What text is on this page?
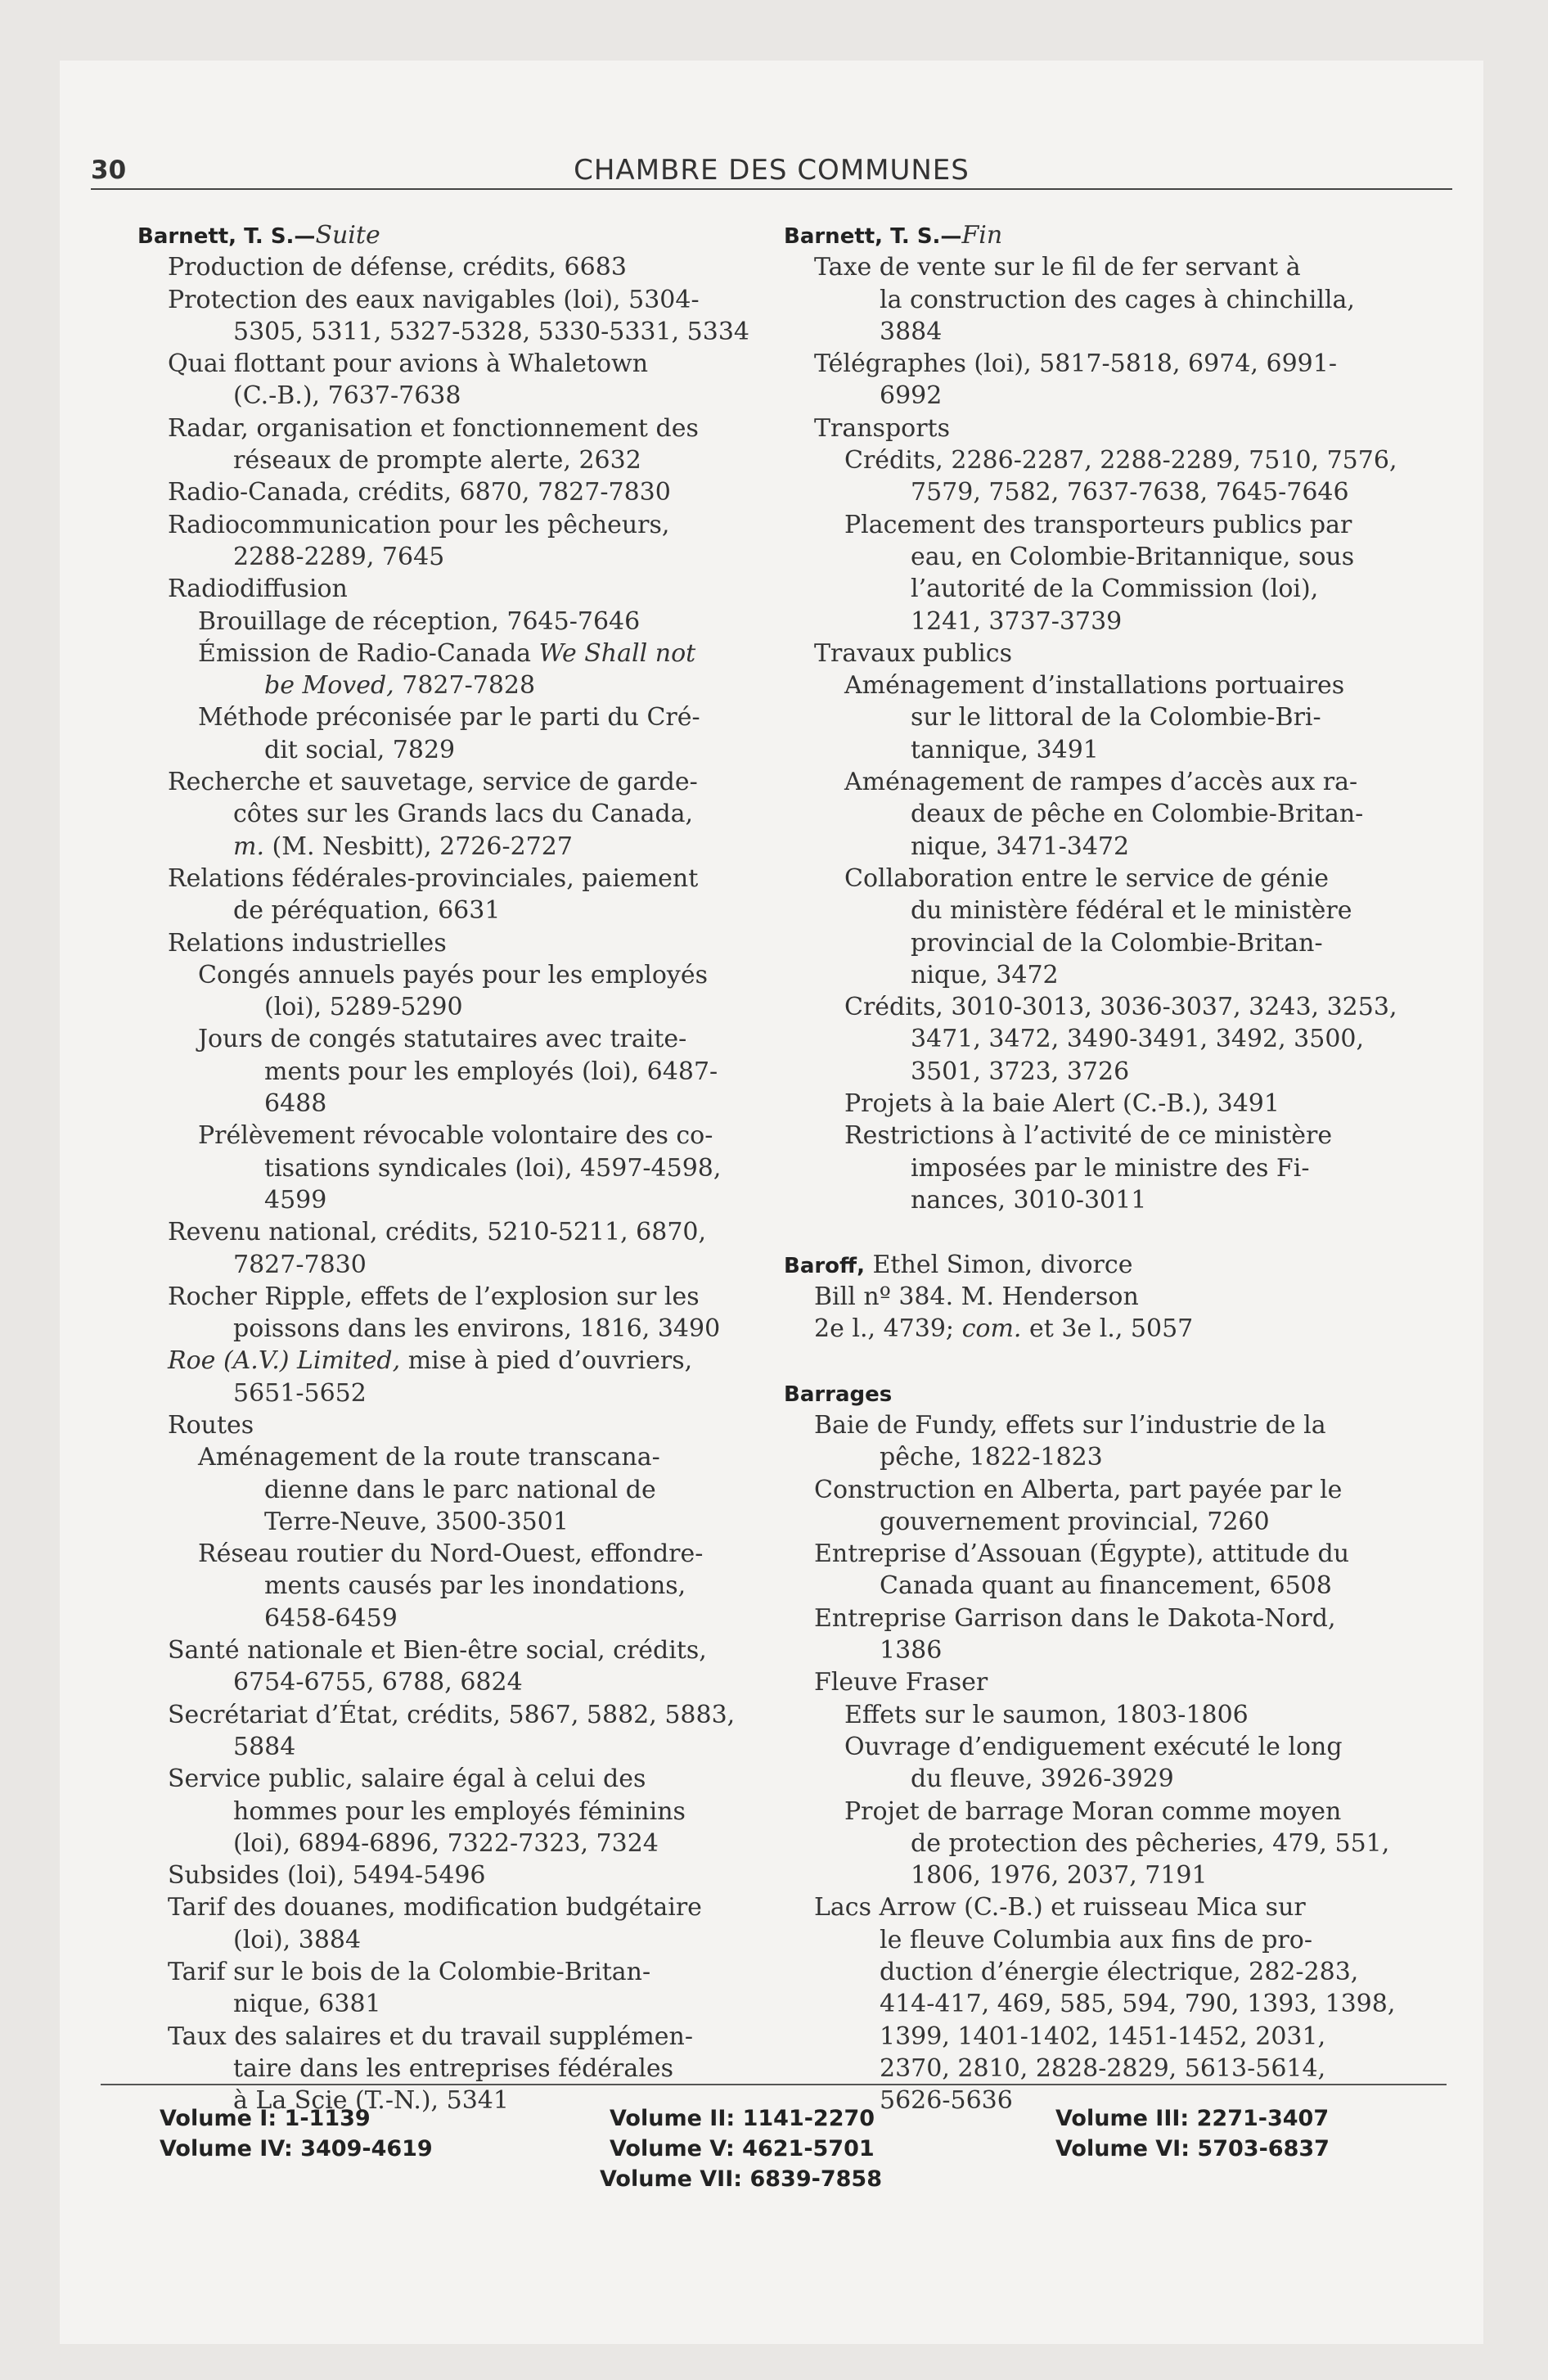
30	CHAMBRE DES COMMUNES
Barnett, T. S.—Suite
Production de défense, crédits, 6683
Protection des eaux navigables (loi), 5304-
5305, 5311, 5327-5328, 5330-5331, 5334
Quai flottant pour avions à Whaletown
(C.-B.), 7637-7638
Radar, organisation et fonctionnement des
réseaux de prompte alerte, 2632
Radio-Canada, crédits, 6870, 7827-7830
Radiocommunication pour les pêcheurs,
2288-2289, 7645
Radiodiffusion
Brouillage de réception, 7645-7646
Émission de Radio-Canada We Shall not
be Moved, 7827-7828
Méthode préconisée par le parti du Cré-
dit social, 7829
Recherche et sauvetage, service de garde-
côtes sur les Grands lacs du Canada,
m. (M. Nesbitt), 2726-2727
Relations fédérales-provinciales, paiement
de péréquation, 6631
Relations industrielles
Congés annuels payés pour les employés
(loi), 5289-5290
Jours de congés statutaires avec traite-
ments pour les employés (loi), 6487-
6488
Prélèvement révocable volontaire des co-
tisations syndicales (loi), 4597-4598,
4599
Revenu national, crédits, 5210-5211, 6870,
7827-7830
Rocher Ripple, effets de l’explosion sur les
poissons dans les environs, 1816, 3490
Roe (A.V.) Limited, mise à pied d’ouvriers,
5651-5652
Routes
Aménagement de la route transcana-
dienne dans le parc national de
Terre-Neuve, 3500-3501
Réseau routier du Nord-Ouest, effondre-
ments causés par les inondations,
6458-6459
Santé nationale et Bien-être social, crédits,
6754-6755, 6788, 6824
Secrétariat d’État, crédits, 5867, 5882, 5883,
5884
Service public, salaire égal à celui des
hommes pour les employés féminins
(loi), 6894-6896, 7322-7323, 7324
Subsides (loi), 5494-5496
Tarif des douanes, modification budgétaire
(loi), 3884
Tarif sur le bois de la Colombie-Britan-
nique, 6381
Taux des salaires et du travail supplémen-
taire dans les entreprises fédérales
à La Scie (T.-N.), 5341
Barnett, T. S.—Fin
Taxe de vente sur le fil de fer servant à
la construction des cages à chinchilla,
3884
Télégraphes (loi), 5817-5818, 6974, 6991-
6992
Transports
Crédits, 2286-2287, 2288-2289, 7510, 7576,
7579, 7582, 7637-7638, 7645-7646
Placement des transporteurs publics par
eau, en Colombie-Britannique, sous
l’autorité de la Commission (loi),
1241, 3737-3739
Travaux publics
Aménagement d’installations portuaires
sur le littoral de la Colombie-Bri-
tannique, 3491
Aménagement de rampes d’accès aux ra-
deaux de pêche en Colombie-Britan-
nique, 3471-3472
Collaboration entre le service de génie
du ministère fédéral et le ministère
provincial de la Colombie-Britan-
nique, 3472
Crédits, 3010-3013, 3036-3037, 3243, 3253,
3471, 3472, 3490-3491, 3492, 3500,
3501, 3723, 3726
Projets à la baie Alert (C.-B.), 3491
Restrictions à l’activité de ce ministère
imposées par le ministre des Fi-
nances, 3010-3011
Baroff, Ethel Simon, divorce
Bill nº 384. M. Henderson
2e l., 4739; com. et 3e l., 5057
Barrages
Baie de Fundy, effets sur l’industrie de la
pêche, 1822-1823
Construction en Alberta, part payée par le
gouvernement provincial, 7260
Entreprise d’Assouan (Égypte), attitude du
Canada quant au financement, 6508
Entreprise Garrison dans le Dakota-Nord,
1386
Fleuve Fraser
Effets sur le saumon, 1803-1806
Ouvrage d’endiguement exécuté le long
du fleuve, 3926-3929
Projet de barrage Moran comme moyen
de protection des pêcheries, 479, 551,
1806, 1976, 2037, 7191
Lacs Arrow (C.-B.) et ruisseau Mica sur
le fleuve Columbia aux fins de pro-
duction d’énergie électrique, 282-283,
414-417, 469, 585, 594, 790, 1393, 1398,
1399, 1401-1402, 1451-1452, 2031,
2370, 2810, 2828-2829, 5613-5614,
5626-5636
Volume I: 1-1139	Volume II: 1141-2270	Volume III: 2271-3407
Volume IV: 3409-4619	Volume V: 4621-5701	Volume VI: 5703-6837
Volume VII: 6839-7858
